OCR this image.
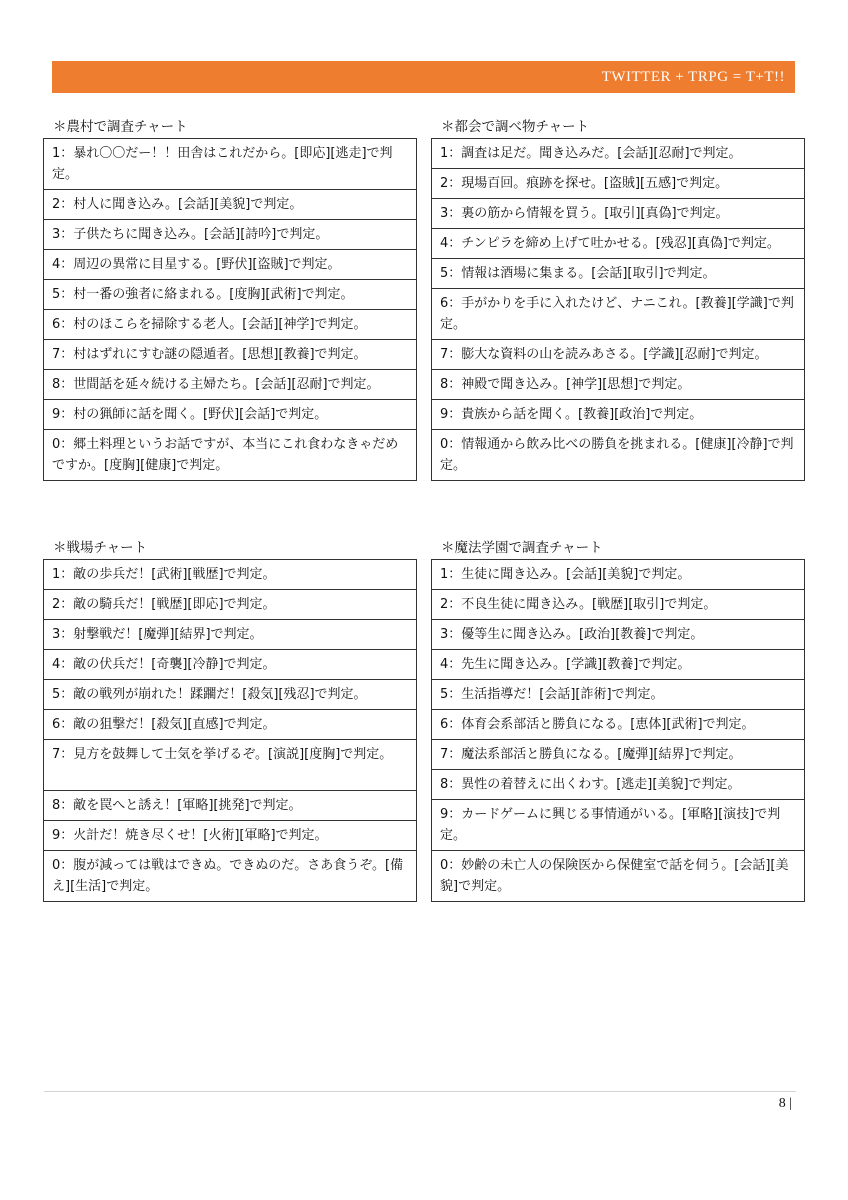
TWITTER + TRPG = T+T!!
＊農村で調査チャート
1：暴れ〇〇だー！！田舎はこれだから。[即応][逃走]で判定。
2：村人に聞き込み。[会話][美貌]で判定。
3：子供たちに聞き込み。[会話][詩吟]で判定。
4：周辺の異常に目星する。[野伏][盗賊]で判定。
5：村一番の強者に絡まれる。[度胸][武術]で判定。
6：村のほこらを掃除する老人。[会話][神学]で判定。
7：村はずれにすむ謎の隠遁者。[思想][教養]で判定。
8：世間話を延々続ける主婦たち。[会話][忍耐]で判定。
9：村の猟師に話を聞く。[野伏][会話]で判定。
0：郷土料理というお話ですが、本当にこれ食わなきゃだめですか。[度胸][健康]で判定。
＊都会で調べ物チャート
1：調査は足だ。聞き込みだ。[会話][忍耐]で判定。
2：現場百回。痕跡を探せ。[盗賊][五感]で判定。
3：裏の筋から情報を買う。[取引][真偽]で判定。
4：チンピラを締め上げて吐かせる。[残忍][真偽]で判定。
5：情報は酒場に集まる。[会話][取引]で判定。
6：手がかりを手に入れたけど、ナニこれ。[教養][学識]で判定。
7：膨大な資料の山を読みあさる。[学識][忍耐]で判定。
8：神殿で聞き込み。[神学][思想]で判定。
9：貴族から話を聞く。[教養][政治]で判定。
0：情報通から飲み比べの勝負を挑まれる。[健康][冷静]で判定。
＊戦場チャート
1：敵の歩兵だ！[武術][戦歴]で判定。
2：敵の騎兵だ！[戦歴][即応]で判定。
3：射撃戦だ！[魔弾][結界]で判定。
4：敵の伏兵だ！[奇襲][冷静]で判定。
5：敵の戦列が崩れた！蹂躙だ！[殺気][残忍]で判定。
6：敵の狙撃だ！[殺気][直感]で判定。
7：見方を鼓舞して士気を挙げるぞ。[演説][度胸]で判定。
8：敵を罠へと誘え！[軍略][挑発]で判定。
9：火計だ！焼き尽くせ！[火術][軍略]で判定。
0：腹が減っては戦はできぬ。できぬのだ。さあ食うぞ。[備え][生活]で判定。
＊魔法学園で調査チャート
1：生徒に聞き込み。[会話][美貌]で判定。
2：不良生徒に聞き込み。[戦歴][取引]で判定。
3：優等生に聞き込み。[政治][教養]で判定。
4：先生に聞き込み。[学識][教養]で判定。
5：生活指導だ！[会話][詐術]で判定。
6：体育会系部活と勝負になる。[恵体][武術]で判定。
7：魔法系部活と勝負になる。[魔弾][結界]で判定。
8：異性の着替えに出くわす。[逃走][美貌]で判定。
9：カードゲームに興じる事情通がいる。[軍略][演技]で判定。
0：妙齢の未亡人の保険医から保健室で話を伺う。[会話][美貌]で判定。
8 |
